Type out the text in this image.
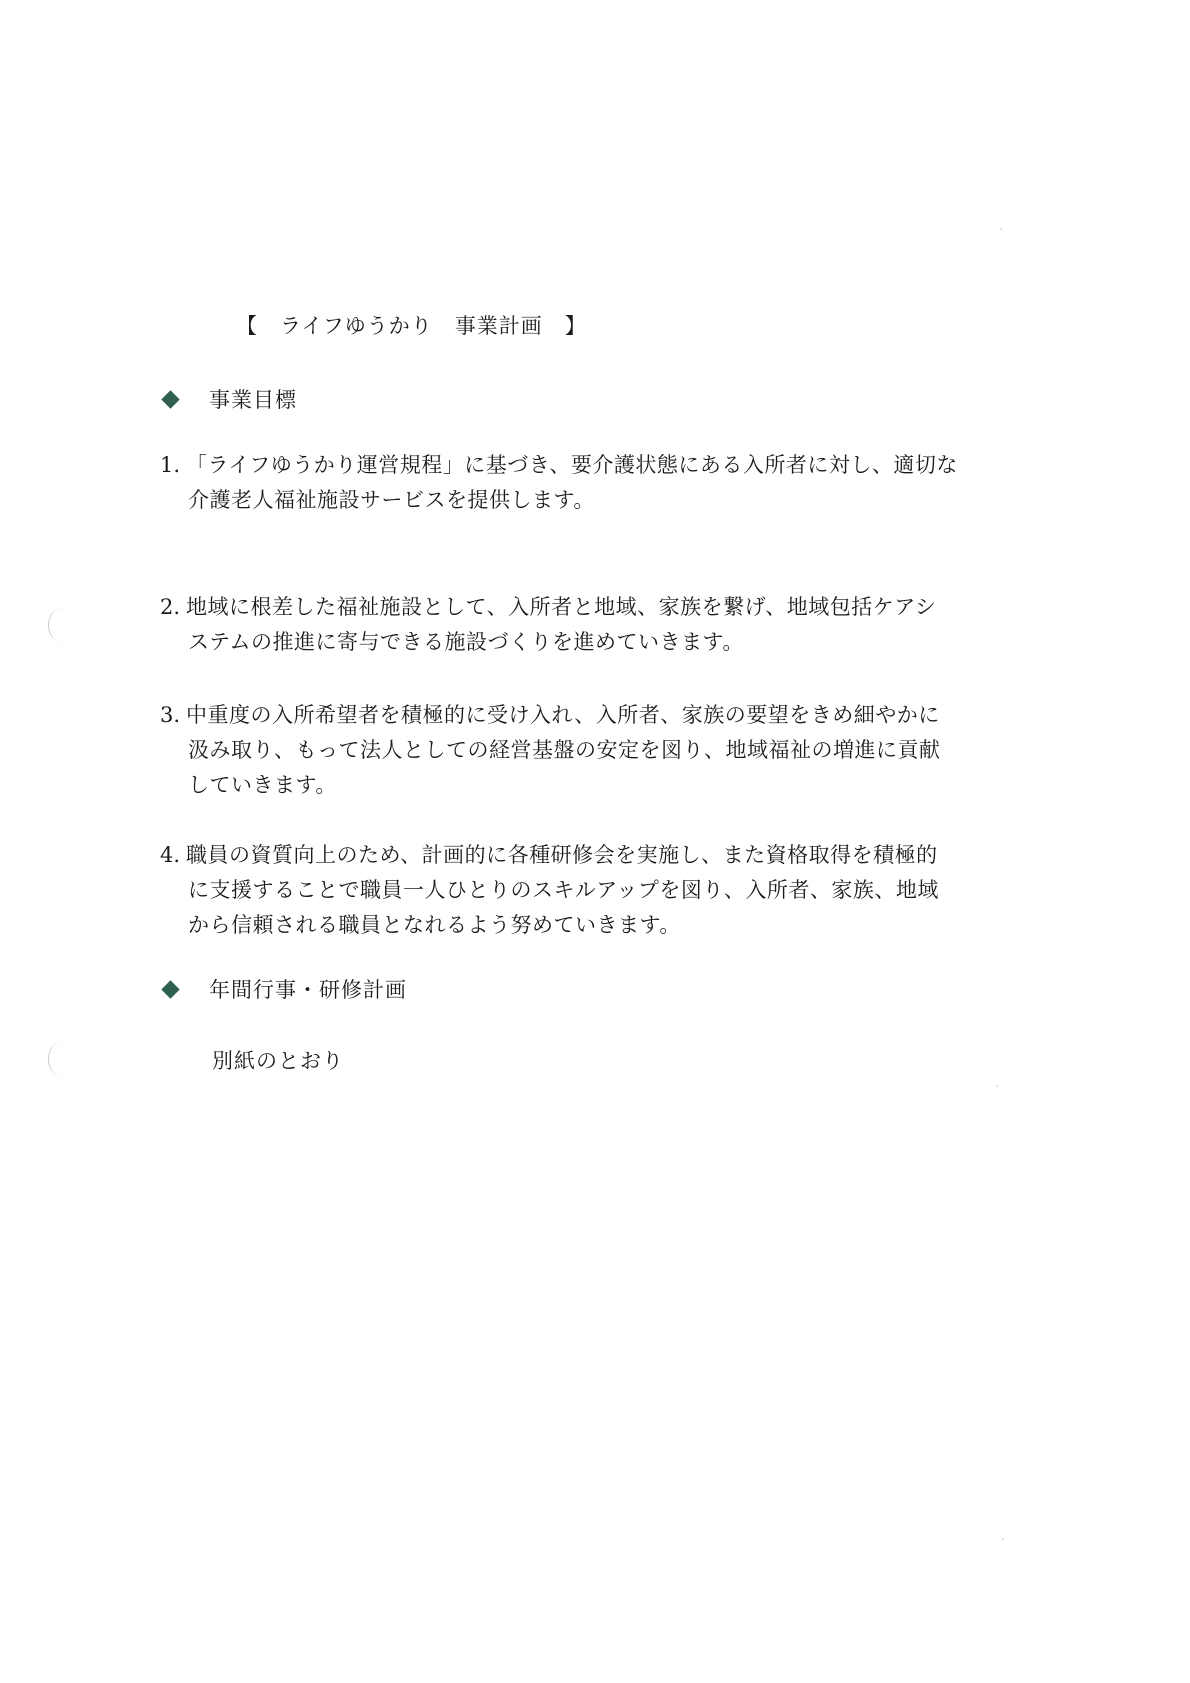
【　ライフゆうかり　事業計画　】
事業目標
1. 「ライフゆうかり運営規程」に基づき、要介護状態にある入所者に対し、適切な
介護老人福祉施設サービスを提供します。
2. 地域に根差した福祉施設として、入所者と地域、家族を繋げ、地域包括ケアシ
ステムの推進に寄与できる施設づくりを進めていきます。
3. 中重度の入所希望者を積極的に受け入れ、入所者、家族の要望をきめ細やかに
汲み取り、もって法人としての経営基盤の安定を図り、地域福祉の増進に貢献
していきます。
4. 職員の資質向上のため、計画的に各種研修会を実施し、また資格取得を積極的
に支援することで職員一人ひとりのスキルアップを図り、入所者、家族、地域
から信頼される職員となれるよう努めていきます。
年間行事・研修計画
別紙のとおり
